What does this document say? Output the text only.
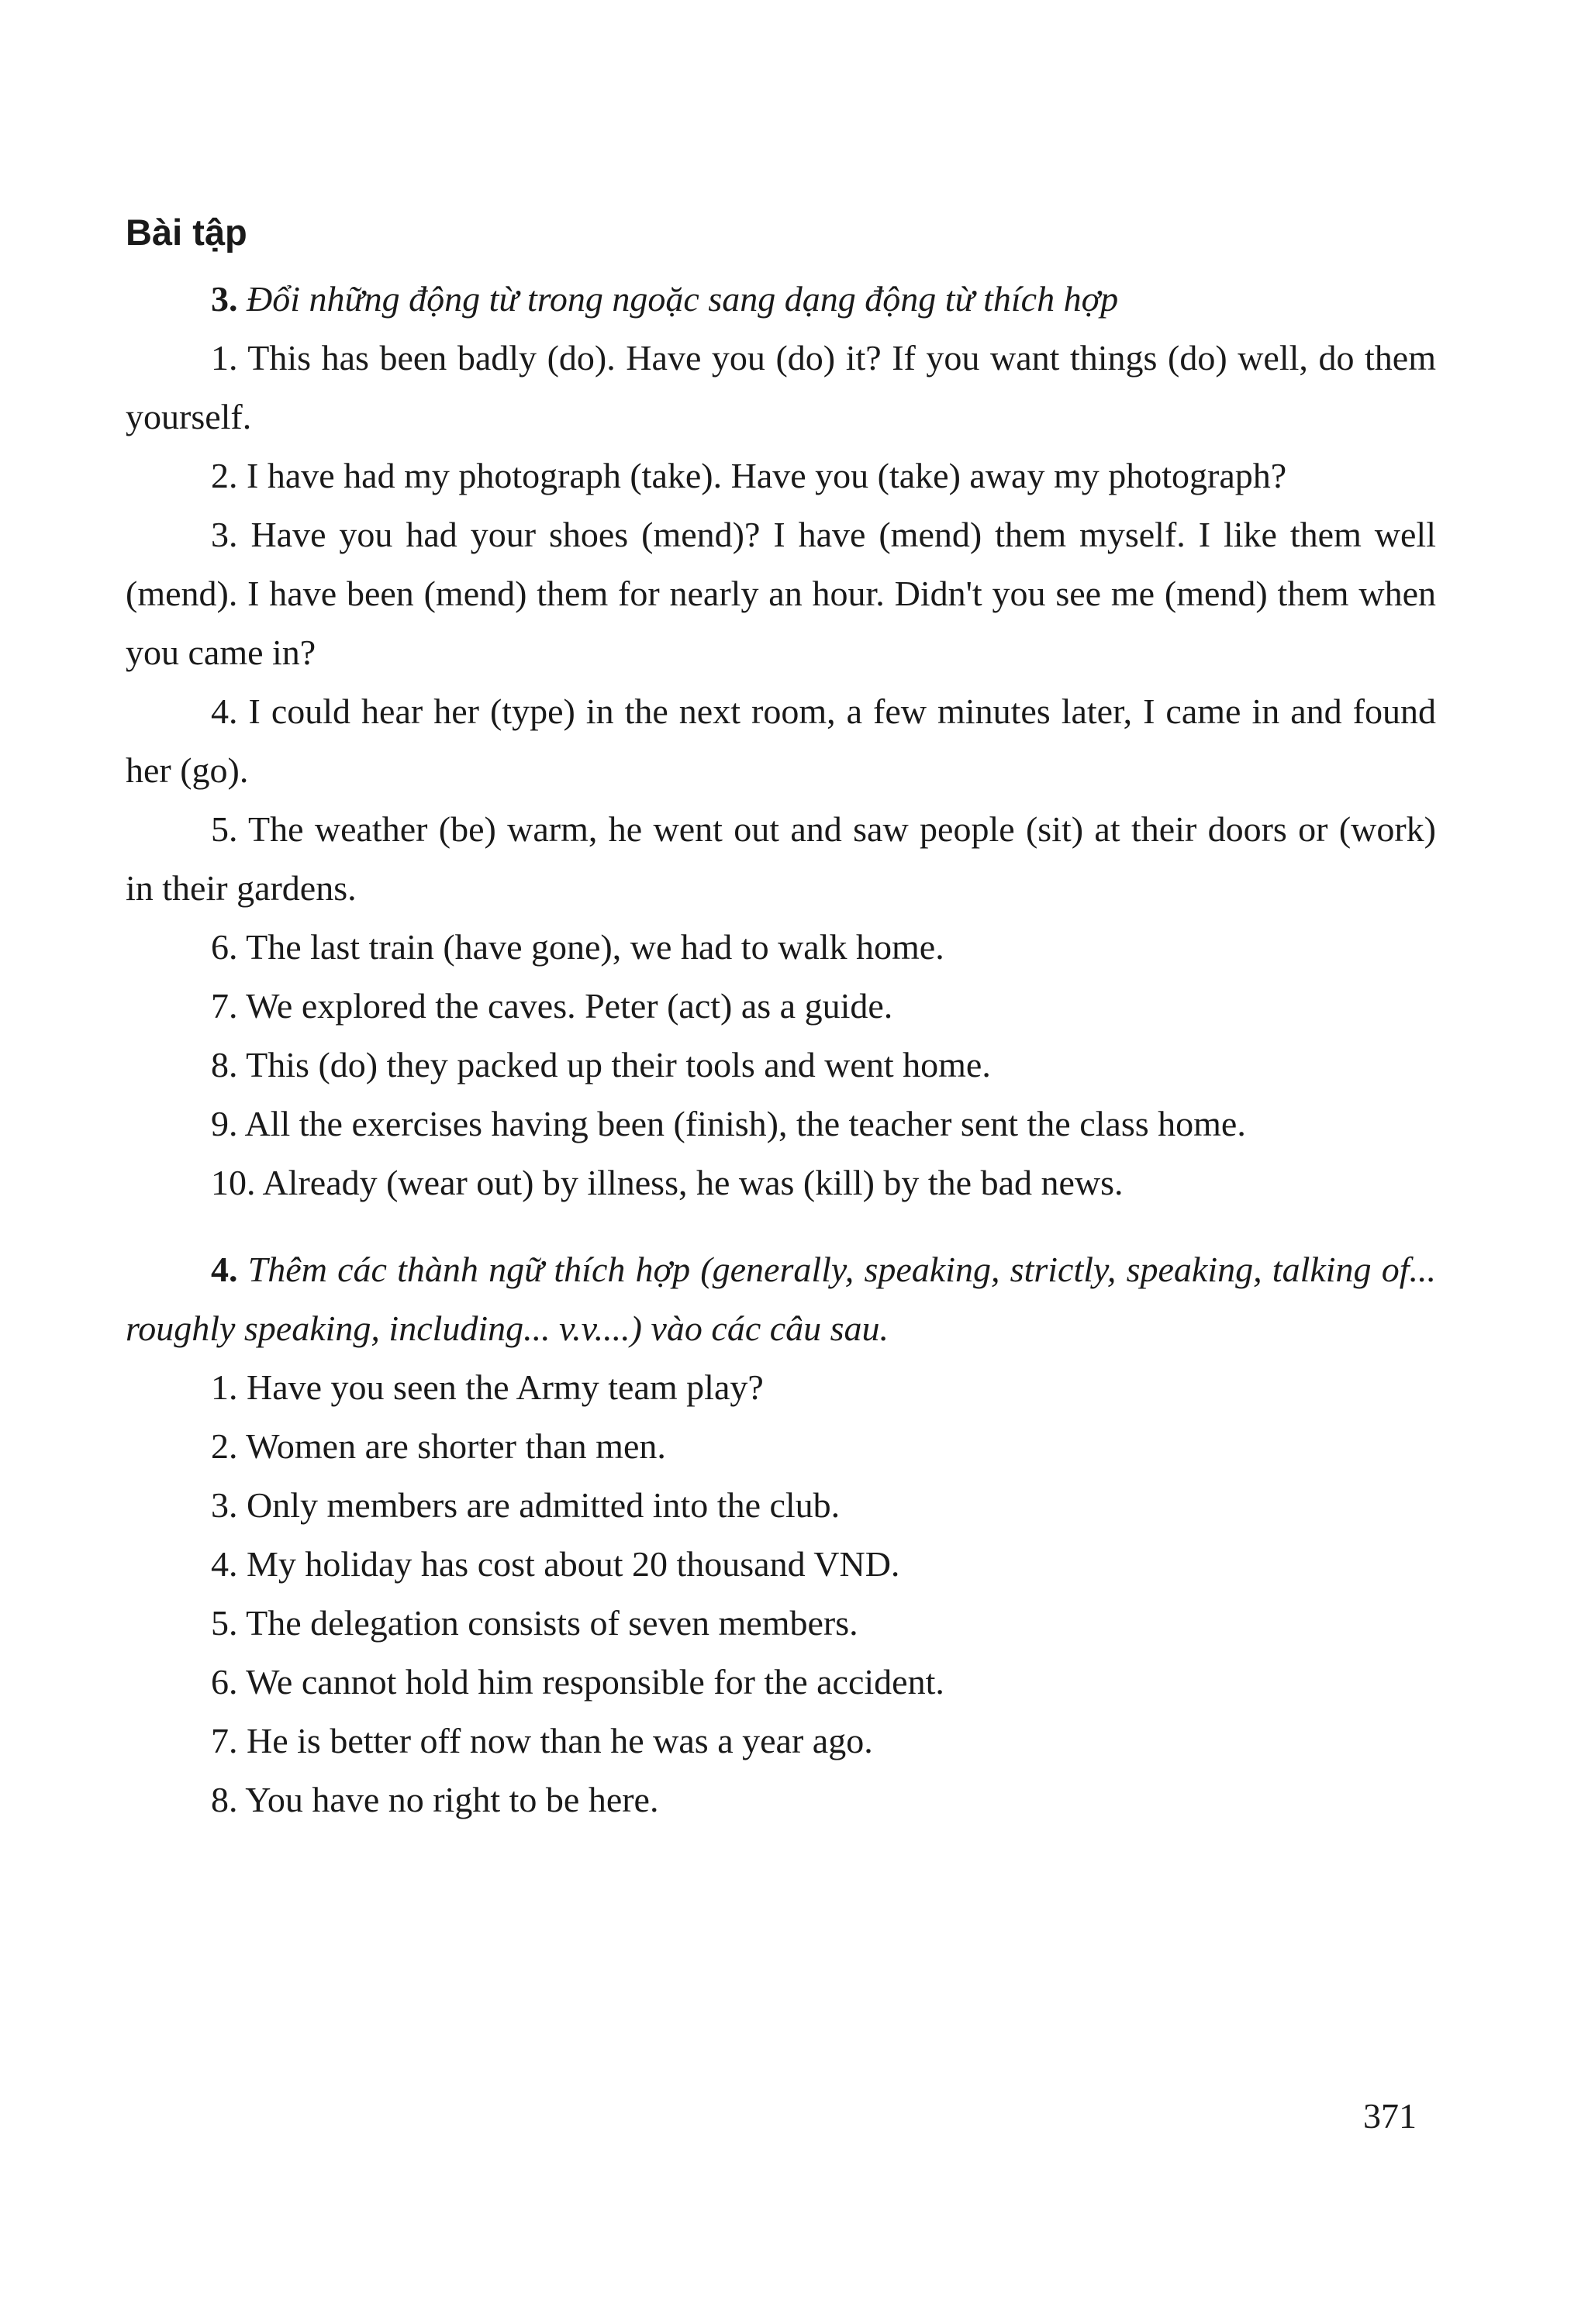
Bài tập

3. Đổi những động từ trong ngoặc sang dạng động từ thích hợp

1. This has been badly (do). Have you (do) it? If you want things (do) well, do them yourself.

2. I have had my photograph (take). Have you (take) away my photograph?

3. Have you had your shoes (mend)? I have (mend) them myself. I like them well (mend). I have been (mend) them for nearly an hour. Didn't you see me (mend) them when you came in?

4. I could hear her (type) in the next room, a few minutes later, I came in and found her (go).

5. The weather (be) warm, he went out and saw people (sit) at their doors or (work) in their gardens.

6. The last train (have gone), we had to walk home.

7. We explored the caves. Peter (act) as a guide.

8. This (do) they packed up their tools and went home.

9. All the exercises having been (finish), the teacher sent the class home.

10. Already (wear out) by illness, he was (kill) by the bad news.

4. Thêm các thành ngữ thích hợp (generally, speaking, strictly, speaking, talking of... roughly speaking, including... v.v....) vào các câu sau.

1. Have you seen the Army team play?

2. Women are shorter than men.

3. Only members are admitted into the club.

4. My holiday has cost about 20 thousand VND.

5. The delegation consists of seven members.

6. We cannot hold him responsible for the accident.

7. He is better off now than he was a year ago.

8. You have no right to be here.

371
